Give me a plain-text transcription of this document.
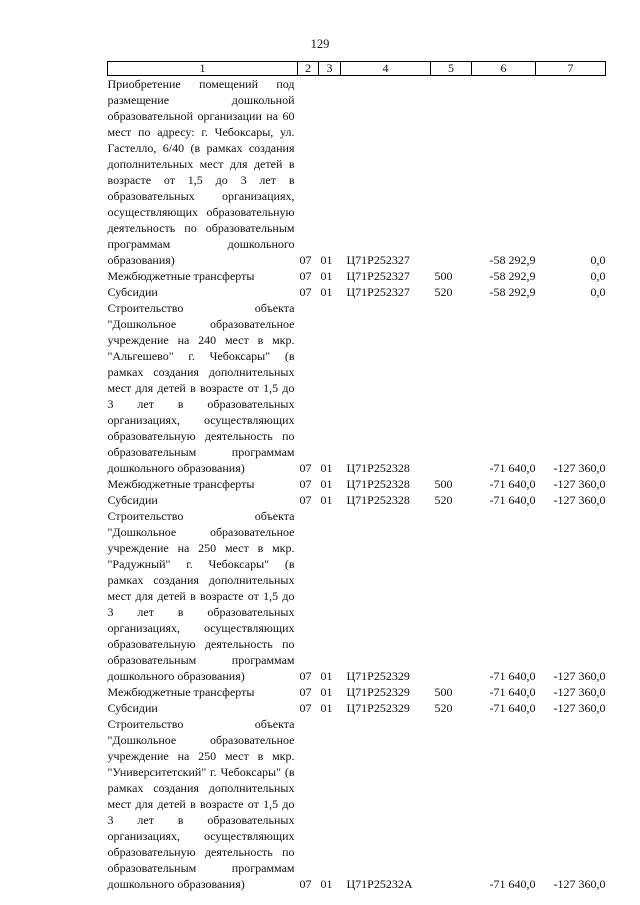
129
1	2	3	4	5	6	7
Приобретение помещений под размещение дошкольной образовательной организации на 60 мест по адресу: г. Чебоксары, ул. Гастелло, 6/40 (в рамках создания дополнительных мест для детей в возрасте от 1,5 до 3 лет в образовательных организациях, осуществляющих образовательную деятельность по образовательным программам дошкольного образования)	07	01	Ц71Р252327		-58 292,9	0,0
Межбюджетные трансферты	07	01	Ц71Р252327	500	-58 292,9	0,0
Субсидии	07	01	Ц71Р252327	520	-58 292,9	0,0
Строительство объекта "Дошкольное образовательное учреждение на 240 мест в мкр. "Альгешево" г. Чебоксары" (в рамках создания дополнительных мест для детей в возрасте от 1,5 до 3 лет в образовательных организациях, осуществляющих образовательную деятельность по образовательным программам дошкольного образования)	07	01	Ц71Р252328		-71 640,0	-127 360,0
Межбюджетные трансферты	07	01	Ц71Р252328	500	-71 640,0	-127 360,0
Субсидии	07	01	Ц71Р252328	520	-71 640,0	-127 360,0
Строительство объекта "Дошкольное образовательное учреждение на 250 мест в мкр. "Радужный" г. Чебоксары" (в рамках создания дополнительных мест для детей в возрасте от 1,5 до 3 лет в образовательных организациях, осуществляющих образовательную деятельность по образовательным программам дошкольного образования)	07	01	Ц71Р252329		-71 640,0	-127 360,0
Межбюджетные трансферты	07	01	Ц71Р252329	500	-71 640,0	-127 360,0
Субсидии	07	01	Ц71Р252329	520	-71 640,0	-127 360,0
Строительство объекта "Дошкольное образовательное учреждение на 250 мест в мкр. "Университетский" г. Чебоксары" (в рамках создания дополнительных мест для детей в возрасте от 1,5 до 3 лет в образовательных организациях, осуществляющих образовательную деятельность по образовательным программам дошкольного образования)	07	01	Ц71Р25232А		-71 640,0	-127 360,0
